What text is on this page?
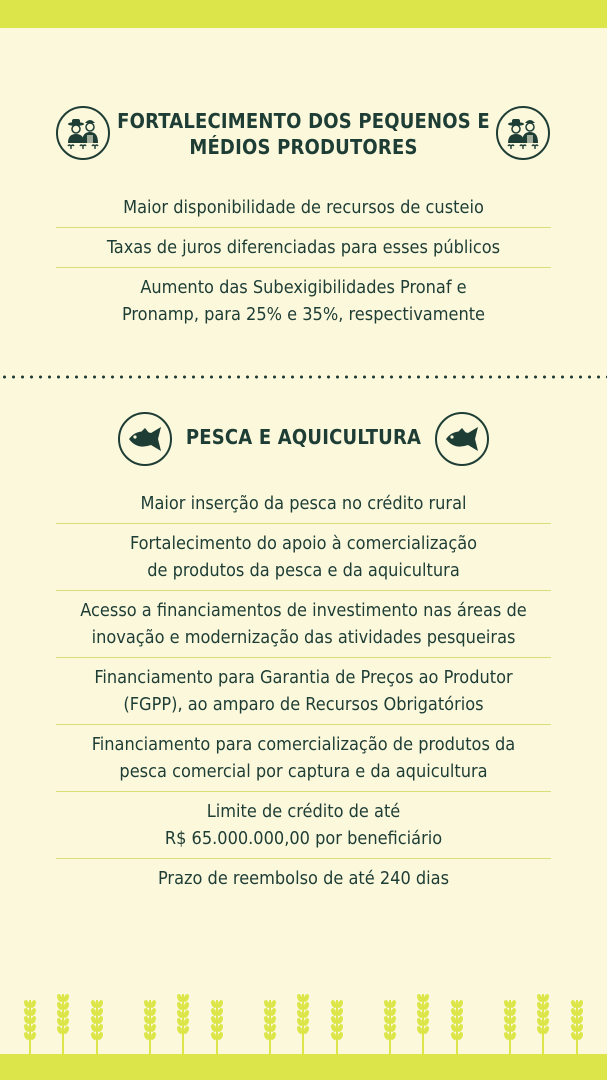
FORTALECIMENTO DOS PEQUENOS E
MÉDIOS PRODUTORES

Maior disponibilidade de recursos de custeio
Taxas de juros diferenciadas para esses públicos
Aumento das Subexigibilidades Pronaf e
Pronamp, para 25% e 35%, respectivamente

PESCA E AQUICULTURA

Maior inserção da pesca no crédito rural
Fortalecimento do apoio à comercialização
de produtos da pesca e da aquicultura
Acesso a financiamentos de investimento nas áreas de
inovação e modernização das atividades pesqueiras
Financiamento para Garantia de Preços ao Produtor
(FGPP), ao amparo de Recursos Obrigatórios
Financiamento para comercialização de produtos da
pesca comercial por captura e da aquicultura
Limite de crédito de até
R$ 65.000.000,00 por beneficiário
Prazo de reembolso de até 240 dias
